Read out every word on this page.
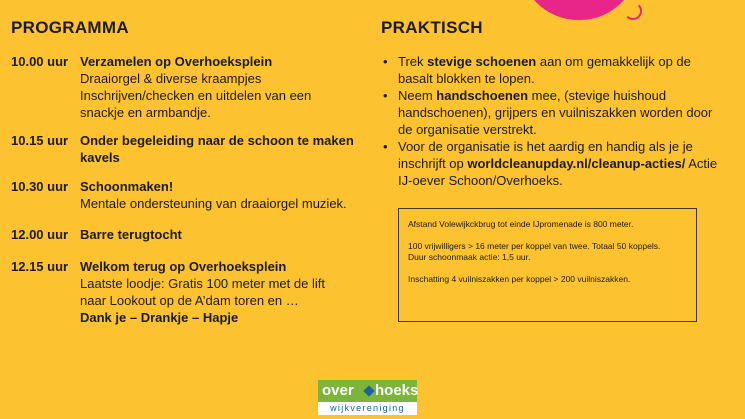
PROGRAMMA	PRAKTISCH
10.00 uur Verzamelen op Overhoeksplein
Draaiorgel & diverse kraampjes
Inschrijven/checken en uitdelen van een snackje en armbandje.
10.15 uur Onder begeleiding naar de schoon te maken kavels
10.30 uur Schoonmaken!
Mentale ondersteuning van draaiorgel muziek.
12.00 uur Barre terugtocht
12.15 uur Welkom terug op Overhoeksplein
Laatste loodje: Gratis 100 meter met de lift naar Lookout op de A’dam toren en …
Dank je – Drankje – Hapje
• Trek stevige schoenen aan om gemakkelijk op de basalt blokken te lopen.
• Neem handschoenen mee, (stevige huishoud handschoenen), grijpers en vuilniszakken worden door de organisatie verstrekt.
• Voor de organisatie is het aardig en handig als je je inschrijft op worldcleanupday.nl/cleanup-acties/ Actie IJ-oever Schoon/Overhoeks.

Afstand Volewijkckbrug tot einde IJpromenade is 800 meter.

100 vrijwilligers > 16 meter per koppel van twee. Totaal 50 koppels.

Duur schoonmaak actie: 1,5 uur.

Inschatting 4 vuilniszakken per koppel > 200 vuilniszakken.

over hoeks
wijkvereniging
